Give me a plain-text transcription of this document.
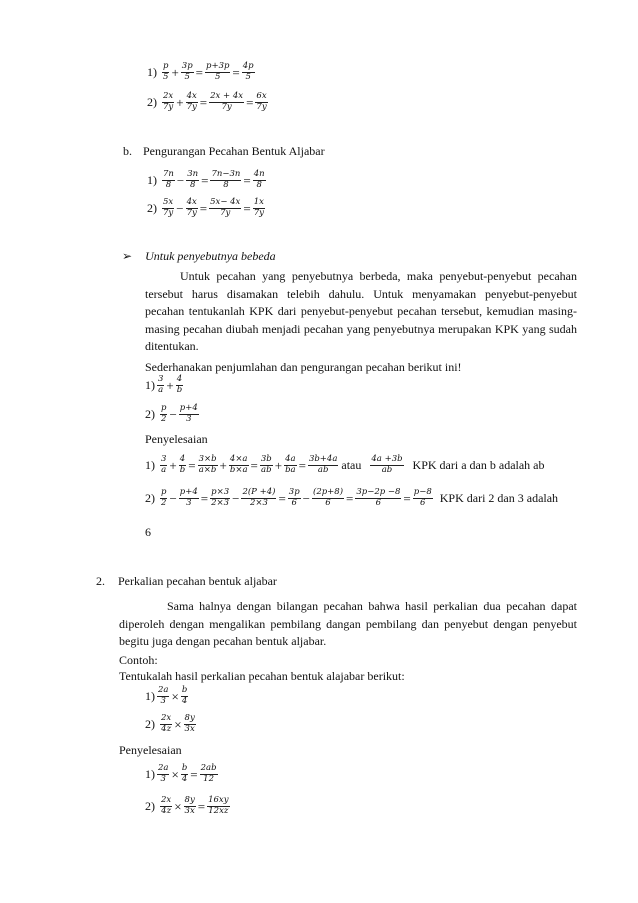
$1) \frac{p}{5} + \frac{3p}{5} = \frac{p+3p}{5} = \frac{4p}{5}$
$2) \frac{2x}{7y} + \frac{4x}{7y} = \frac{2x + 4x}{7y} = \frac{6x}{7y}$
b. Pengurangan Pecahan Bentuk Aljabar
$1) \frac{7n}{8} - \frac{3n}{8} = \frac{7n-3n}{8} = \frac{4n}{8}$
$2) \frac{5x}{7y} - \frac{4x}{7y} = \frac{5x- 4x}{7y} = \frac{1x}{7y}$
➢ Untuk penyebutnya bebeda
Untuk pecahan yang penyebutnya berbeda, maka penyebut-penyebut pecahan tersebut harus disamakan telebih dahulu. Untuk menyamakan penyebut-penyebut pecahan tentukanlah KPK dari penyebut-penyebut pecahan tersebut, kemudian masing-masing pecahan diubah menjadi pecahan yang penyebutnya merupakan KPK yang sudah ditentukan.
Sederhanakan penjumlahan dan pengurangan pecahan berikut ini!
$1) \frac{3}{a} + \frac{4}{b}$
$2) \frac{p}{2} - \frac{p+4}{3}$
Penyelesaian
$1) \frac{3}{a} + \frac{4}{b} = \frac{3\times b}{a\times b} + \frac{4\times a}{b\times a} = \frac{3b}{ab} + \frac{4a}{ba} = \frac{3b+4a}{ab}$ atau $\frac{4a +3b}{ab}$ KPK dari a dan b adalah ab
$2) \frac{p}{2} - \frac{p+4}{3} = \frac{p\times 3}{2\times 3} - \frac{2(P +4)}{2\times 3} = \frac{3p}{6} - \frac{(2p+8)}{6} = \frac{3p-2p -8}{6} = \frac{p-8}{6}$ KPK dari 2 dan 3 adalah
6
2. Perkalian pecahan bentuk aljabar
Sama halnya dengan bilangan pecahan bahwa hasil perkalian dua pecahan dapat diperoleh dengan mengalikan pembilang dangan pembilang dan penyebut dengan penyebut begitu juga dengan pecahan bentuk aljabar.
Contoh:
Tentukalah hasil perkalian pecahan bentuk alajabar berikut:
$1) \frac{2a}{3} \times \frac{b}{4}$
$2) \frac{2x}{4z} \times \frac{8y}{3x}$
Penyelesaian
$1) \frac{2a}{3} \times \frac{b}{4} = \frac{2ab}{12}$
$2) \frac{2x}{4z} \times \frac{8y}{3x} = \frac{16xy}{12xz}$
